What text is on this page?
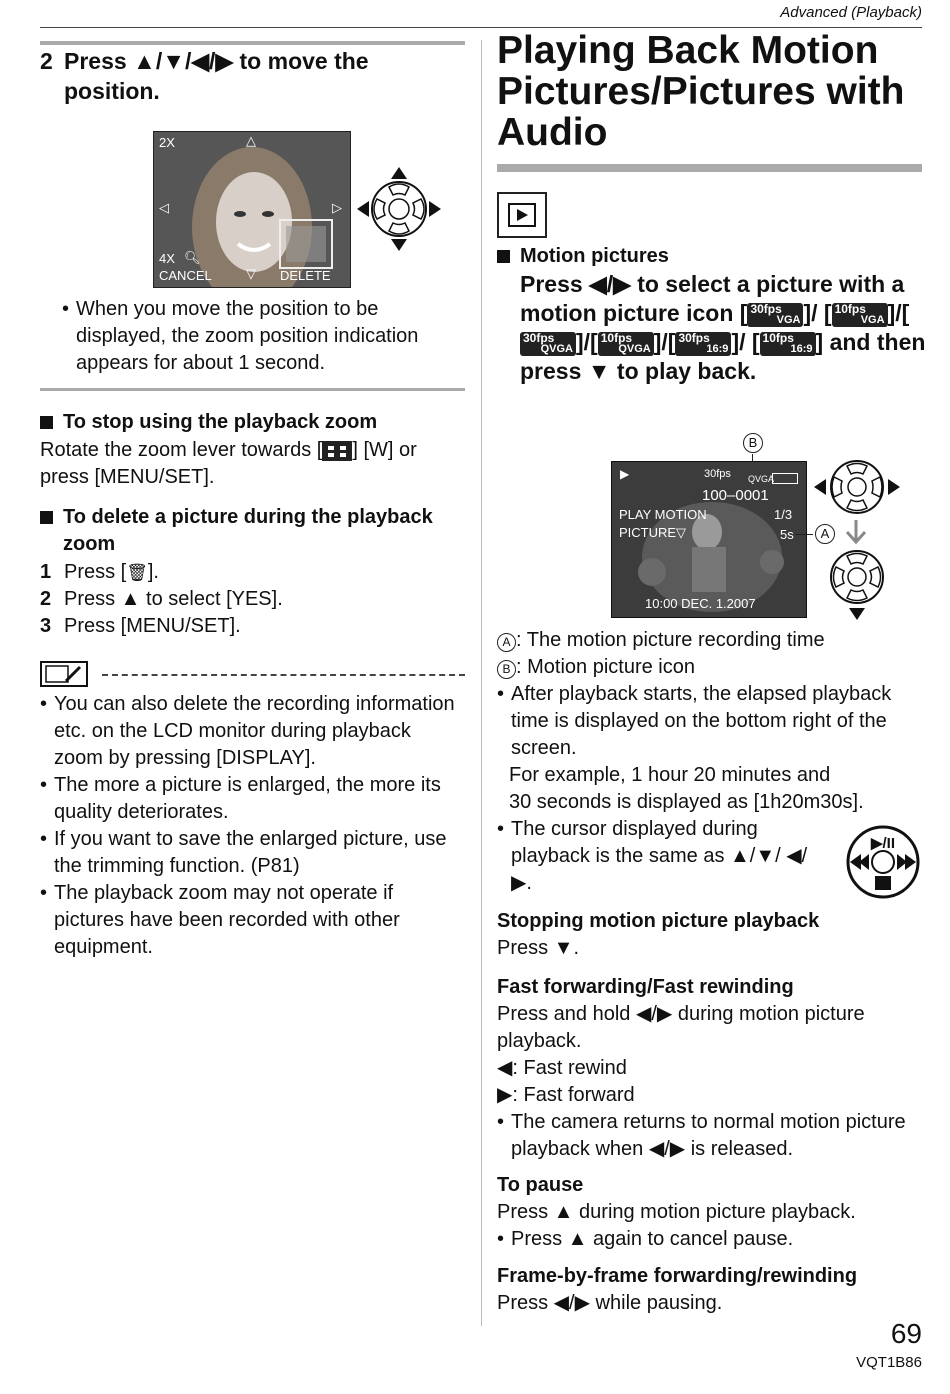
Advanced (Playback)
2 Press ▲/▼/◀/▶ to move the position.
2X	△
◁	▷
4X 🔍︎
CANCEL	▽ DELETE
• When you move the position to be displayed, the zoom position indication appears for about 1 second.
To stop using the playback zoom
Rotate the zoom lever towards [ ] [W] or press [MENU/SET].
To delete a picture during the playback zoom
1 Press [🗑︎].
2 Press ▲ to select [YES].
3 Press [MENU/SET].
• You can also delete the recording information etc. on the LCD monitor during playback zoom by pressing [DISPLAY].
• The more a picture is enlarged, the more its quality deteriorates.
• If you want to save the enlarged picture, use the trimming function. (P81)
• The playback zoom may not operate if pictures have been recorded with other equipment.
Playing Back Motion Pictures/Pictures with Audio
Motion pictures
Press ◀/▶ to select a picture with a motion picture icon [ 30fps
VGA ]/ [ 10fps
VGA ]/[
30fps
QVGA ]/[ 10fps
QVGA ]/[ 30fps
16:9 ]/ [ 10fps
16:9 ] and then press ▼ to play back.
B
▶︎	30fps QVGA
100–0001
1/3
PLAY MOTION
PICTURE▽	5s
10:00 DEC. 1.2007
A
A : The motion picture recording time
B : Motion picture icon
• After playback starts, the elapsed playback time is displayed on the bottom right of the screen.
For example, 1 hour 20 minutes and
30 seconds is displayed as [1h20m30s].
• The cursor displayed during playback is the same as ▲/▼/ ◀/▶.
▶/II
Stopping motion picture playback
Press ▼.
Fast forwarding/Fast rewinding
Press and hold ◀/▶ during motion picture playback.
◀: Fast rewind
▶: Fast forward
• The camera returns to normal motion picture playback when ◀/▶ is released.
To pause
Press ▲ during motion picture playback.
• Press ▲ again to cancel pause.
Frame-by-frame forwarding/rewinding
Press ◀/▶ while pausing.
69
VQT1B86
